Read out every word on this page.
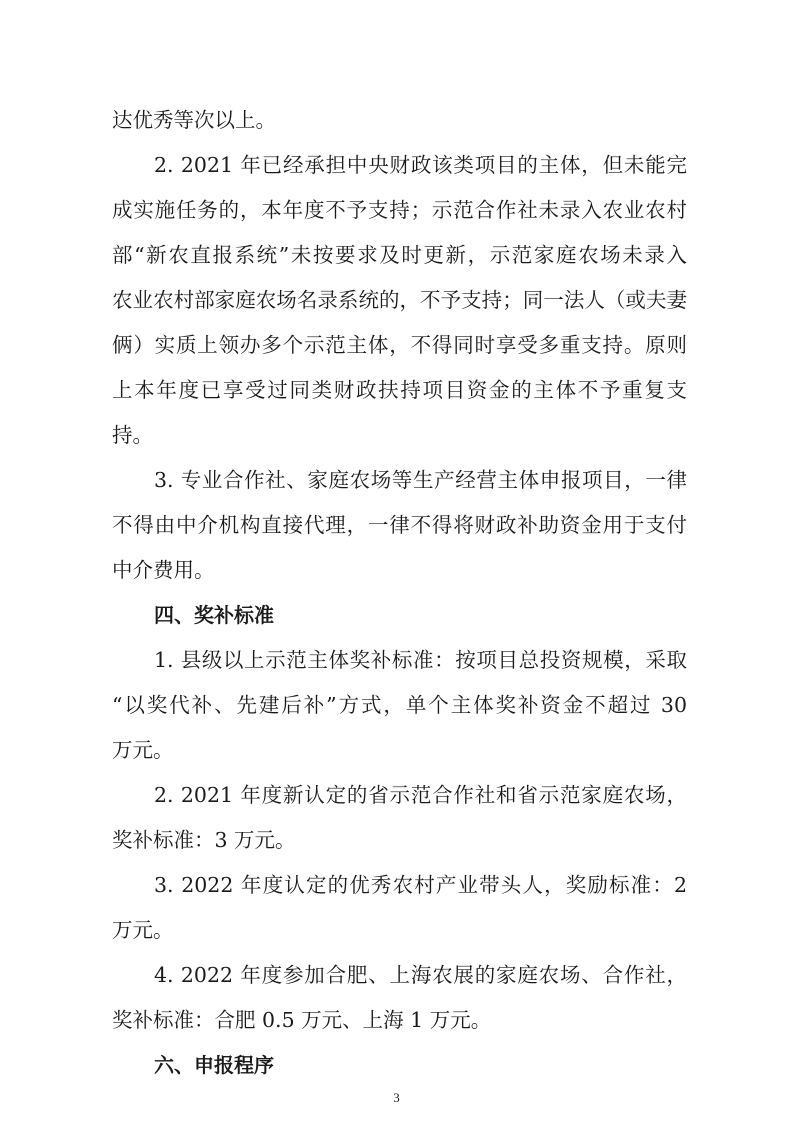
达优秀等次以上。
2. 2021 年已经承担中央财政该类项目的主体，但未能完
成实施任务的，本年度不予支持；示范合作社未录入农业农村
部“新农直报系统”未按要求及时更新，示范家庭农场未录入
农业农村部家庭农场名录系统的，不予支持；同一法人（或夫妻
俩）实质上领办多个示范主体，不得同时享受多重支持。原则
上本年度已享受过同类财政扶持项目资金的主体不予重复支
持。
3. 专业合作社、家庭农场等生产经营主体申报项目，一律
不得由中介机构直接代理，一律不得将财政补助资金用于支付
中介费用。
四、奖补标准
1. 县级以上示范主体奖补标准：按项目总投资规模，采取
“以奖代补、先建后补”方式，单个主体奖补资金不超过 30
万元。
2. 2021 年度新认定的省示范合作社和省示范家庭农场，
奖补标准：3 万元。
3. 2022 年度认定的优秀农村产业带头人，奖励标准：2
万元。
4. 2022 年度参加合肥、上海农展的家庭农场、合作社，
奖补标准：合肥 0.5 万元、上海 1 万元。
六、申报程序
3
